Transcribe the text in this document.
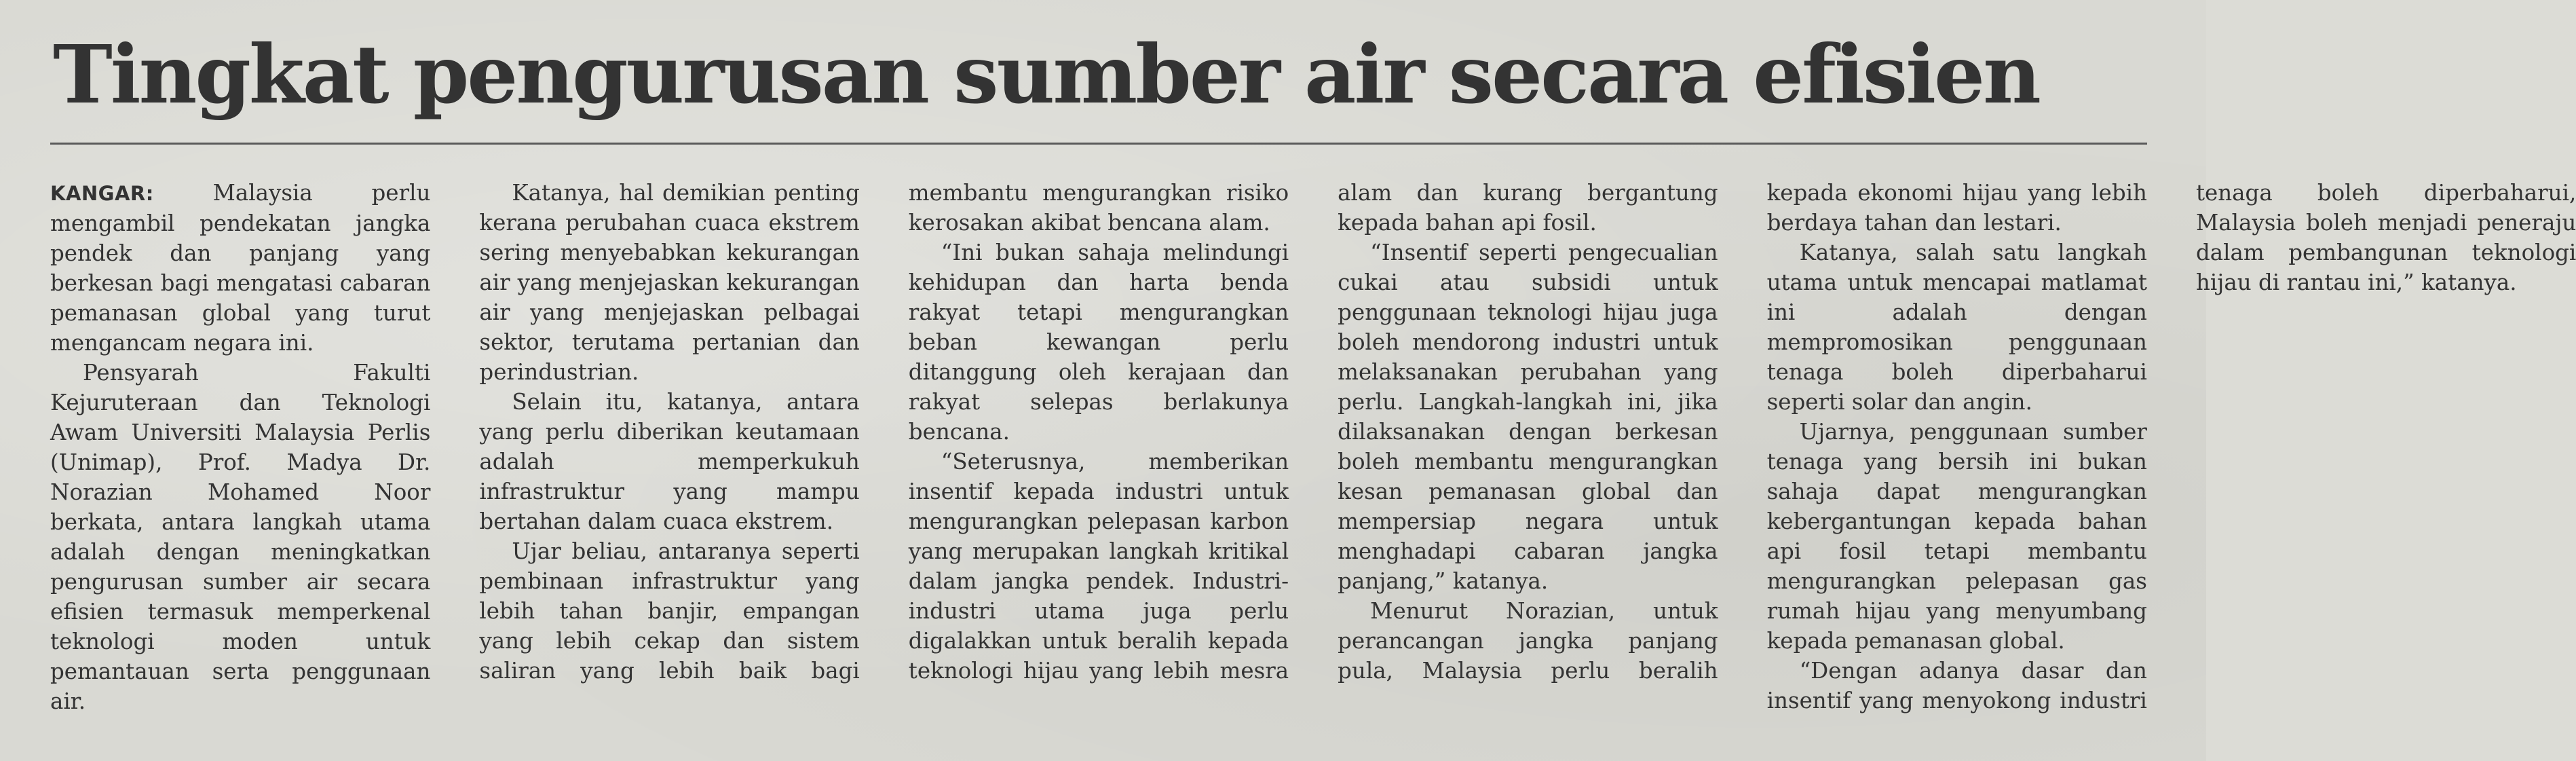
Tingkat pengurusan sumber air secara efisien

KANGAR: Malaysia perlu mengambil pendekatan jangka pendek dan panjang yang berkesan bagi mengatasi cabaran pemanasan global yang turut mengancam negara ini.

Pensyarah Fakulti Kejuruteraan dan Teknologi Awam Universiti Malaysia Perlis (Unimap), Prof. Madya Dr. Norazian Mohamed Noor berkata, antara langkah utama adalah dengan meningkatkan pengurusan sumber air secara efisien termasuk memperkenal teknologi moden untuk pemantauan serta penggunaan air.

Katanya, hal demikian penting kerana perubahan cuaca ekstrem sering menyebabkan kekurangan air yang menjejaskan kekurangan air yang menjejaskan pelbagai sektor, terutama pertanian dan perindustrian.

Selain itu, katanya, antara yang perlu diberikan keutamaan adalah memperkukuh infrastruktur yang mampu bertahan dalam cuaca ekstrem.

Ujar beliau, antaranya seperti pembinaan infrastruktur yang lebih tahan banjir, empangan yang lebih cekap dan sistem saliran yang lebih baik bagi membantu mengurangkan risiko kerosakan akibat bencana alam.

“Ini bukan sahaja melindungi kehidupan dan harta benda rakyat tetapi mengurangkan beban kewangan perlu ditanggung oleh kerajaan dan rakyat selepas berlakunya bencana.

“Seterusnya, memberikan insentif kepada industri untuk mengurangkan pelepasan karbon yang merupakan langkah kritikal dalam jangka pendek. Industri-industri utama juga perlu digalakkan untuk beralih kepada teknologi hijau yang lebih mesra alam dan kurang bergantung kepada bahan api fosil.

“Insentif seperti pengecualian cukai atau subsidi untuk penggunaan teknologi hijau juga boleh mendorong industri untuk melaksanakan perubahan yang perlu. Langkah-langkah ini, jika dilaksanakan dengan berkesan boleh membantu mengurangkan kesan pemanasan global dan mempersiap negara untuk menghadapi cabaran jangka panjang,” katanya.

Menurut Norazian, untuk perancangan jangka panjang pula, Malaysia perlu beralih kepada ekonomi hijau yang lebih berdaya tahan dan lestari.

Katanya, salah satu langkah utama untuk mencapai matlamat ini adalah dengan mempromosikan penggunaan tenaga boleh diperbaharui seperti solar dan angin.

Ujarnya, penggunaan sumber tenaga yang bersih ini bukan sahaja dapat mengurangkan kebergantungan kepada bahan api fosil tetapi membantu mengurangkan pelepasan gas rumah hijau yang menyumbang kepada pemanasan global.

“Dengan adanya dasar dan insentif yang menyokong industri tenaga boleh diperbaharui, Malaysia boleh menjadi peneraju dalam pembangunan teknologi hijau di rantau ini,” katanya.
